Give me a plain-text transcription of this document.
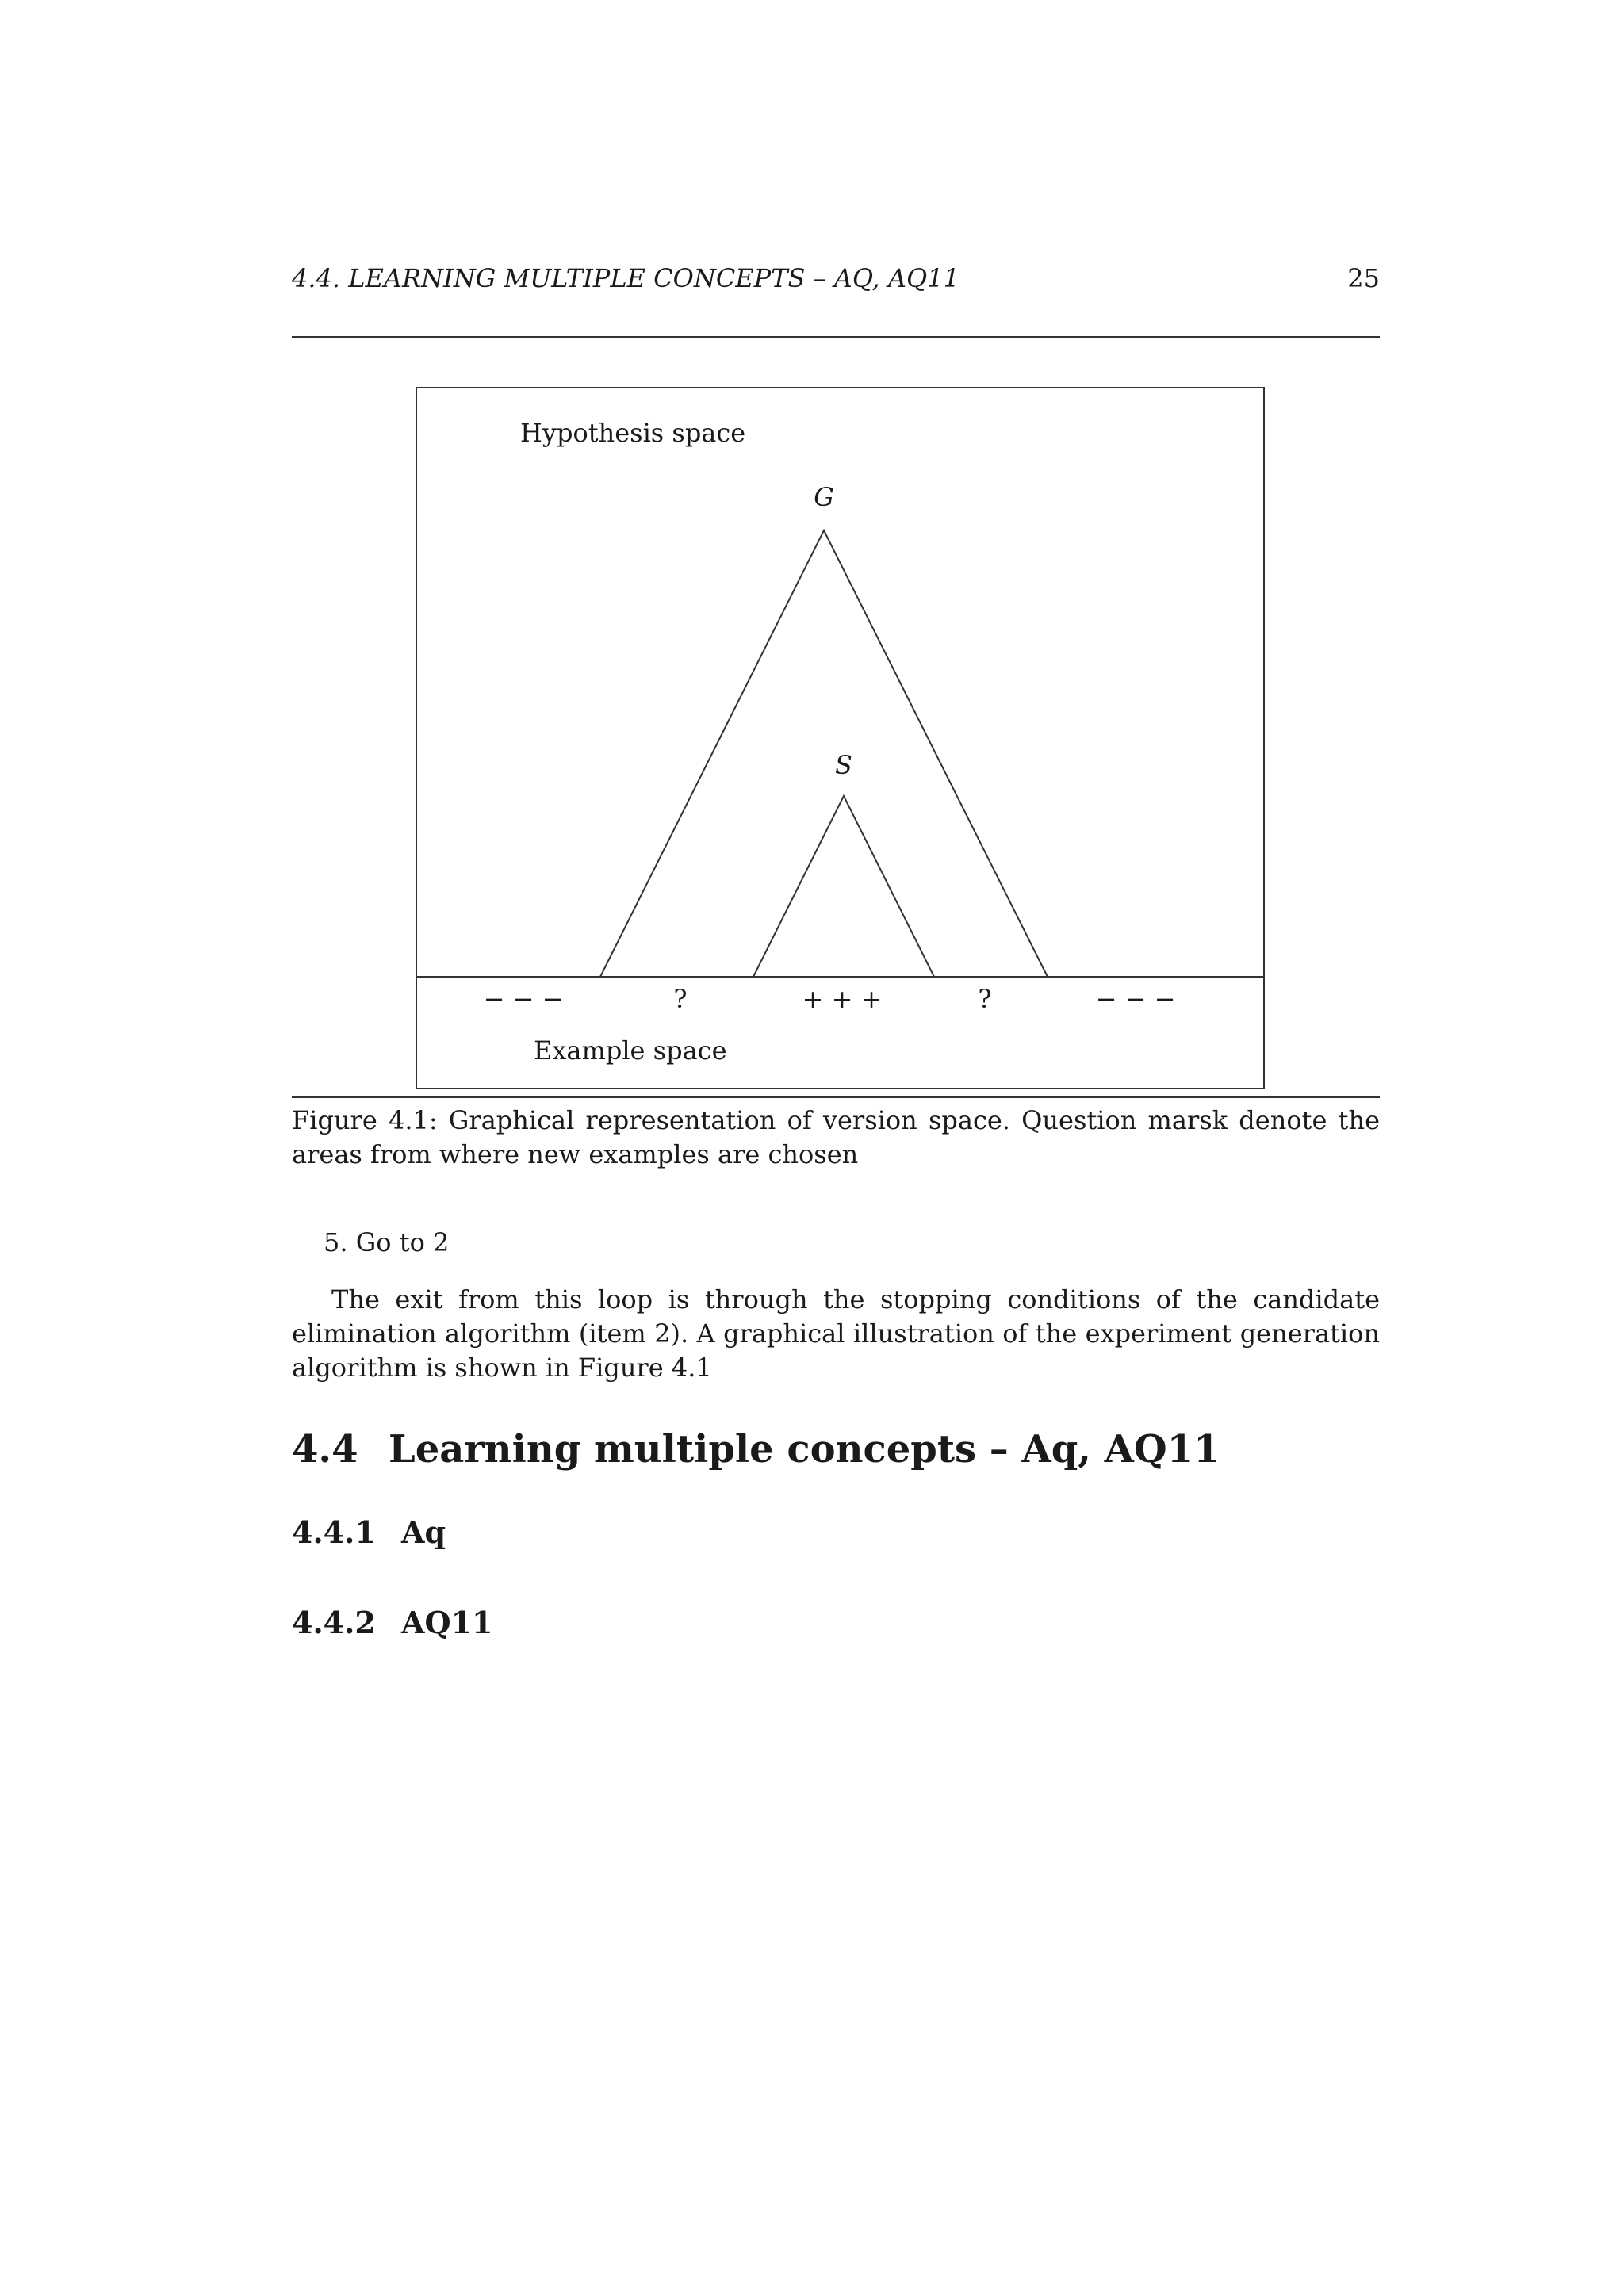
4.4. LEARNING MULTIPLE CONCEPTS – AQ, AQ11	25
Hypothesis space
G
S
− − −	?	+ + +	?	− − −
Example space
Figure 4.1: Graphical representation of version space. Question marsk denote the areas from where new examples are chosen
5. Go to 2
The exit from this loop is through the stopping conditions of the candidate elimination algorithm (item 2). A graphical illustration of the experiment generation algorithm is shown in Figure 4.1
4.4 Learning multiple concepts – Aq, AQ11
4.4.1 Aq
4.4.2 AQ11
